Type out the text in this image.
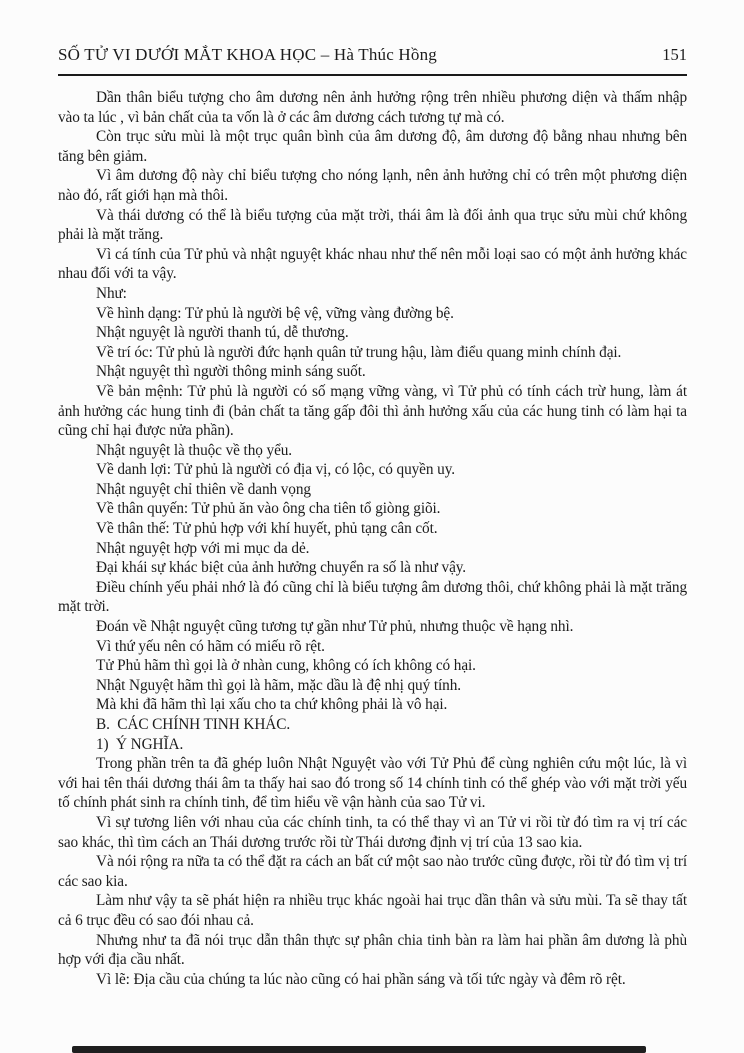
SỐ TỬ VI DƯỚI MẮT KHOA HỌC – Hà Thúc Hồng	151

Dần thân biểu tượng cho âm dương nên ảnh hưởng rộng trên nhiều phương diện và thấm nhập vào ta lúc , vì bản chất của ta vốn là ở các âm dương cách tương tự mà có.

Còn trục sửu mùi là một trục quân bình của âm dương độ, âm dương độ bằng nhau nhưng bên tăng bên giảm.

Vì âm dương độ này chỉ biểu tượng cho nóng lạnh, nên ảnh hưởng chỉ có trên một phương diện nào đó, rất giới hạn mà thôi.

Và thái dương có thể là biểu tượng của mặt trời, thái âm là đối ảnh qua trục sửu mùi chứ không phải là mặt trăng.

Vì cá tính của Tử phủ và nhật nguyệt khác nhau như thế nên mỗi loại sao có một ảnh hưởng khác nhau đối với ta vậy.

Như:

Về hình dạng: Tử phủ là người bệ vệ, vững vàng đường bệ.

Nhật nguyệt là người thanh tú, dễ thương.

Về trí óc: Tử phủ là người đức hạnh quân tử trung hậu, làm điểu quang minh chính đại.

Nhật nguyệt thì người thông minh sáng suốt.

Về bản mệnh: Tử phủ là người có số mạng vững vàng, vì Tử phủ có tính cách trừ hung, làm át ảnh hưởng các hung tinh đi (bản chất ta tăng gấp đôi thì ảnh hưởng xấu của các hung tinh có làm hại ta cũng chỉ hại được nửa phần).

Nhật nguyệt là thuộc về thọ yểu.

Về danh lợi: Tử phủ là người có địa vị, có lộc, có quyền uy.

Nhật nguyệt chỉ thiên về danh vọng

Về thân quyến: Tử phủ ăn vào ông cha tiên tổ giòng giõi.

Về thân thế: Tử phủ hợp với khí huyết, phủ tạng cân cốt.

Nhật nguyệt hợp với mi mục da dẻ.

Đại khái sự khác biệt của ảnh hưởng chuyển ra số là như vậy.

Điều chính yếu phải nhớ là đó cũng chỉ là biểu tượng âm dương thôi, chứ không phải là mặt trăng mặt trời.

Đoán về Nhật nguyệt cũng tương tự gần như Tử phủ, nhưng thuộc về hạng nhì.

Vì thứ yếu nên có hãm có miếu rõ rệt.

Tử Phủ hãm thì gọi là ở nhàn cung, không có ích không có hại.

Nhật Nguyệt hãm thì gọi là hãm, mặc dầu là đệ nhị quý tính.

Mà khi đã hãm thì lại xấu cho ta chứ không phải là vô hại.

B.  CÁC CHÍNH TINH KHÁC.

1)  Ý NGHĨA.

Trong phần trên ta đã ghép luôn Nhật Nguyệt vào với Tử Phủ để cùng nghiên cứu một lúc, là vì với hai tên thái dương thái âm ta thấy hai sao đó trong số 14 chính tinh có thể ghép vào với mặt trời yếu tố chính phát sinh ra chính tinh, để tìm hiểu về vận hành của sao Tử vi.

Vì sự tương liên với nhau của các chính tinh, ta có thể thay vì an Tử vi rồi từ đó tìm ra vị trí các sao khác, thì tìm cách an Thái dương trước rồi từ Thái dương định vị trí của 13 sao kia.

Và nói rộng ra nữa ta có thể đặt ra cách an bất cứ một sao nào trước cũng được, rồi từ đó tìm vị trí các sao kia.

Làm như vậy ta sẽ phát hiện ra nhiều trục khác ngoài hai trục dần thân và sửu mùi. Ta sẽ thay tất cả 6 trục đều có sao đói nhau cả.

Nhưng như ta đã nói trục dẫn thân thực sự phân chia tinh bàn ra làm hai phần âm dương là phù hợp với địa cầu nhất.

Vì lẽ: Địa cầu của chúng ta lúc nào cũng có hai phần sáng và tối tức ngày và đêm rõ rệt.
